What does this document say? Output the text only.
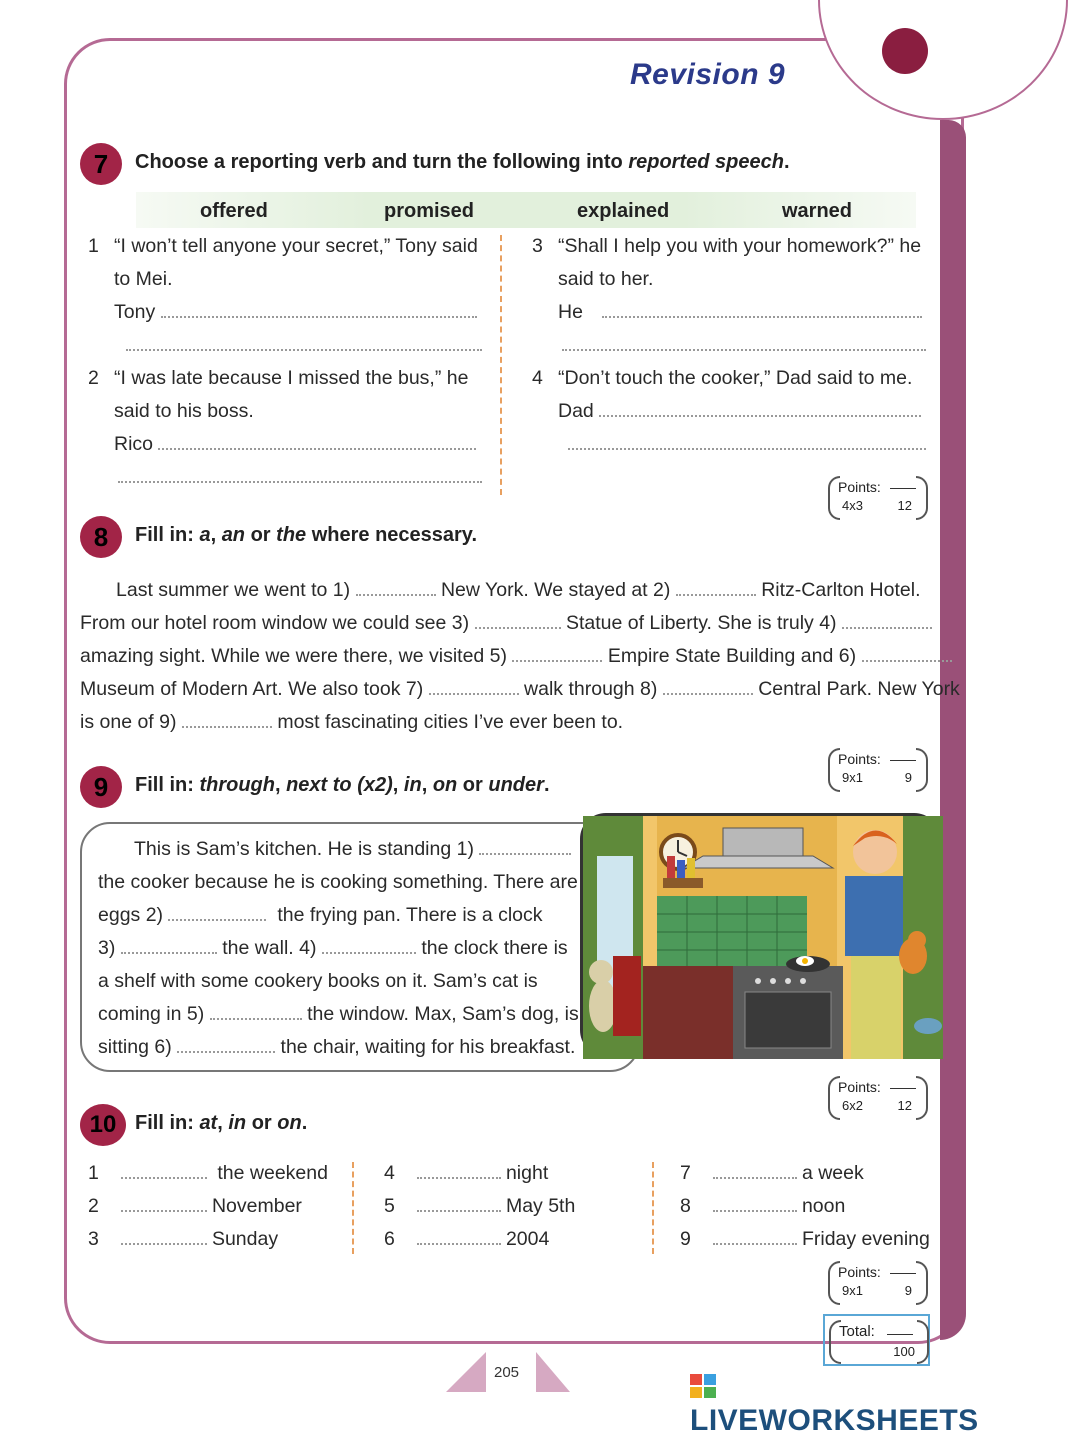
Revision 9
7	Choose a reporting verb and turn the following into reported speech.
offered	promised	explained	warned
1 “I won’t tell anyone your secret,” Tony said
to Mei.
Tony
2 “I was late because I missed the bus,” he
said to his boss.
Rico
3 “Shall I help you with your homework?” he
said to her.
He
4 “Don’t touch the cooker,” Dad said to me.
Dad
Points:
4x3	12
8	Fill in: a, an or the where necessary.
Last summer we went to 1)	New York. We stayed at 2)	Ritz-Carlton Hotel.
From our hotel room window we could see 3)	Statue of Liberty. She is truly 4)
amazing sight. While we were there, we visited 5)	Empire State Building and 6)
Museum of Modern Art. We also took 7)	walk through 8)	Central Park. New York
is one of 9)	most fascinating cities I’ve ever been to.
Points:
9x1	9
9	Fill in: through, next to (x2), in, on or under.
This is Sam’s kitchen. He is standing 1)
the cooker because he is cooking something. There are
eggs 2)	the frying pan. There is a clock
3)	the wall. 4)	the clock there is
a shelf with some cookery books on it. Sam’s cat is
coming in 5)	the window. Max, Sam’s dog, is
sitting 6)	the chair, waiting for his breakfast.
Points:
6x2	12
10 Fill in: at, in or on.
1	the weekend
2	November
3	Sunday
4	night
5	May 5th
6	2004
7	a week
8	noon
9	Friday evening
Points:
9x1	9
Total:
100
205
LIVEWORKSHEETS
